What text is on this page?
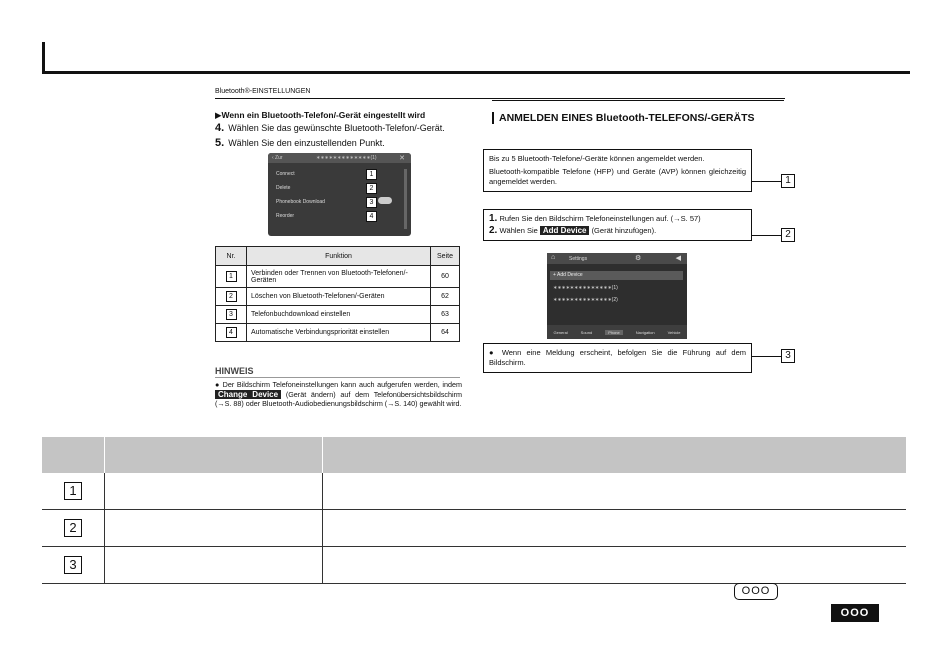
Bluetooth®-EINSTELLUNGEN
▶Wenn ein Bluetooth-Telefon/-Gerät eingestellt wird
4. Wählen Sie das gewünschte Bluetooth-Telefon/-Gerät.
5. Wählen Sie den einzustellenden Punkt.
‹ Zur	∗∗∗∗∗∗∗∗∗∗∗∗∗(1)	✕
Connect
Delete
Phonebook Download
Reorder
1
2
3
4
Nr.	Funktion	Seite
1	Verbinden oder Trennen von Bluetooth-Telefonen/-Geräten	60
2	Löschen von Bluetooth-Telefonen/-Geräten	62
3	Telefonbuchdownload einstellen	63
4	Automatische Verbindungspriorität einstellen	64
HINWEIS
● Der Bildschirm Telefoneinstellungen kann auch aufgerufen werden, indem Change Device (Gerät ändern) auf dem Telefonübersichtsbildschirm (→S. 88) oder Bluetooth-Audiobedienungsbildschirm (→S. 140) gewählt wird.
ANMELDEN EINES Bluetooth-TELEFONS/-GERÄTS
Bis zu 5 Bluetooth-Telefone/-Geräte können angemeldet werden.
Bluetooth-kompatible Telefone (HFP) und Geräte (AVP) können gleichzeitig angemeldet werden.	1
1. Rufen Sie den Bildschirm Telefoneinstellungen auf. (→S. 57)
2. Wählen Sie Add Device (Gerät hinzufügen).	2
⌂	Settings	⚙	◀
+ Add Device
∗∗∗∗∗∗∗∗∗∗∗∗∗∗(1)
∗∗∗∗∗∗∗∗∗∗∗∗∗∗(2)
General	Sound	Phone	Navigation	Vehicle
● Wenn eine Meldung erscheint, befolgen Sie die Führung auf dem Bildschirm.
3

1		
2		
3		
OOO
OOO
